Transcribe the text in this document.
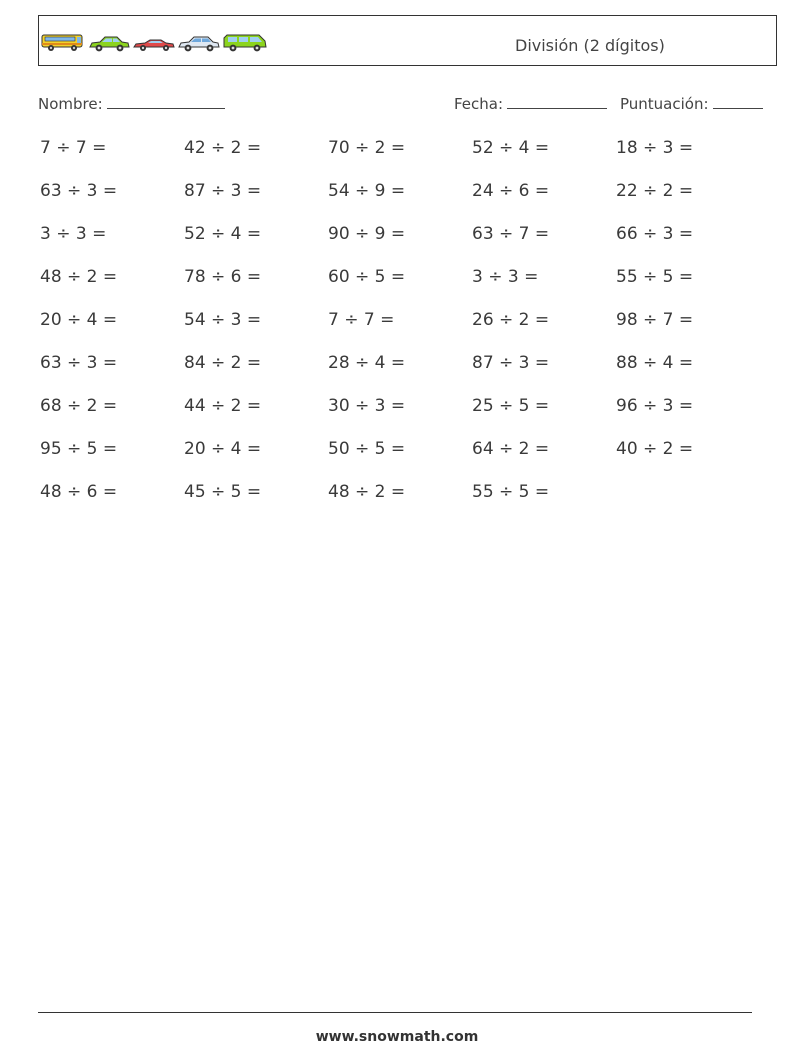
División (2 dígitos)
Nombre:	Fecha:	Puntuación:
7 ÷ 7 =	42 ÷ 2 =	70 ÷ 2 =	52 ÷ 4 =	18 ÷ 3 =
63 ÷ 3 =	87 ÷ 3 =	54 ÷ 9 =	24 ÷ 6 =	22 ÷ 2 =
3 ÷ 3 =	52 ÷ 4 =	90 ÷ 9 =	63 ÷ 7 =	66 ÷ 3 =
48 ÷ 2 =	78 ÷ 6 =	60 ÷ 5 =	3 ÷ 3 =	55 ÷ 5 =
20 ÷ 4 =	54 ÷ 3 =	7 ÷ 7 =	26 ÷ 2 =	98 ÷ 7 =
63 ÷ 3 =	84 ÷ 2 =	28 ÷ 4 =	87 ÷ 3 =	88 ÷ 4 =
68 ÷ 2 =	44 ÷ 2 =	30 ÷ 3 =	25 ÷ 5 =	96 ÷ 3 =
95 ÷ 5 =	20 ÷ 4 =	50 ÷ 5 =	64 ÷ 2 =	40 ÷ 2 =
48 ÷ 6 =	45 ÷ 5 =	48 ÷ 2 =	55 ÷ 5 =
www.snowmath.com
